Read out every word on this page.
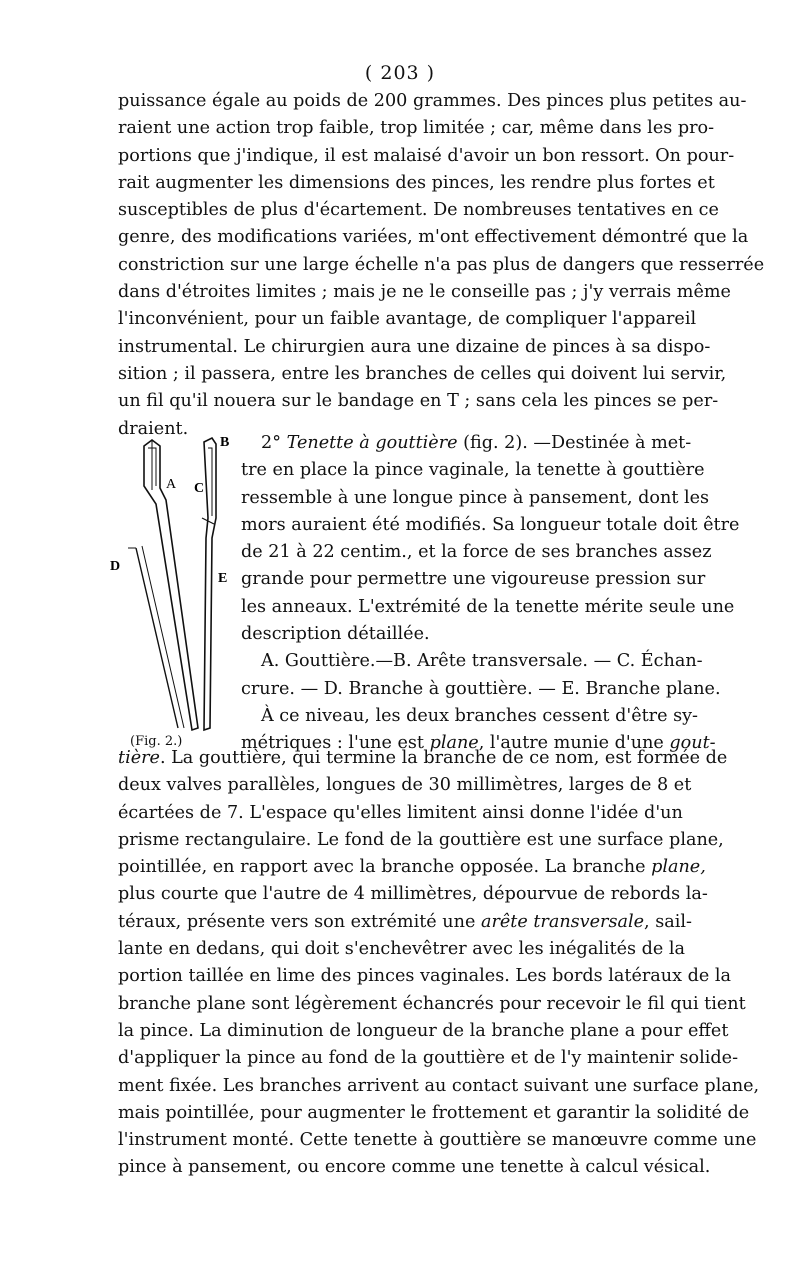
( 203 )
puissance égale au poids de 200 grammes. Des pinces plus petites au-
raient une action trop faible, trop limitée ; car, même dans les pro-
portions que j'indique, il est malaisé d'avoir un bon ressort. On pour-
rait augmenter les dimensions des pinces, les rendre plus fortes et
susceptibles de plus d'écartement. De nombreuses tentatives en ce
genre, des modifications variées, m'ont effectivement démontré que la
constriction sur une large échelle n'a pas plus de dangers que resserrée
dans d'étroites limites ; mais je ne le conseille pas ; j'y verrais même
l'inconvénient, pour un faible avantage, de compliquer l'appareil
instrumental. Le chirurgien aura une dizaine de pinces à sa dispo-
sition ; il passera, entre les branches de celles qui doivent lui servir,
un fil qu'il nouera sur le bandage en T ; sans cela les pinces se per-
draient.
A
B
C
D
E
(Fig. 2.)
2° Tenette à gouttière (fig. 2). —Destinée à met-
tre en place la pince vaginale, la tenette à gouttière
ressemble à une longue pince à pansement, dont les
mors auraient été modifiés. Sa longueur totale doit être
de 21 à 22 centim., et la force de ses branches assez
grande pour permettre une vigoureuse pression sur
les anneaux. L'extrémité de la tenette mérite seule une
description détaillée.
A. Gouttière.—B. Arête transversale. — C. Échan-
crure. — D. Branche à gouttière. — E. Branche plane.
À ce niveau, les deux branches cessent d'être sy-
métriques : l'une est plane, l'autre munie d'une gout-
tière. La gouttière, qui termine la branche de ce nom, est formée de
deux valves parallèles, longues de 30 millimètres, larges de 8 et
écartées de 7. L'espace qu'elles limitent ainsi donne l'idée d'un
prisme rectangulaire. Le fond de la gouttière est une surface plane,
pointillée, en rapport avec la branche opposée. La branche plane,
plus courte que l'autre de 4 millimètres, dépourvue de rebords la-
téraux, présente vers son extrémité une arête transversale, sail-
lante en dedans, qui doit s'enchevêtrer avec les inégalités de la
portion taillée en lime des pinces vaginales. Les bords latéraux de la
branche plane sont légèrement échancrés pour recevoir le fil qui tient
la pince. La diminution de longueur de la branche plane a pour effet
d'appliquer la pince au fond de la gouttière et de l'y maintenir solide-
ment fixée. Les branches arrivent au contact suivant une surface plane,
mais pointillée, pour augmenter le frottement et garantir la solidité de
l'instrument monté. Cette tenette à gouttière se manœuvre comme une
pince à pansement, ou encore comme une tenette à calcul vésical.
